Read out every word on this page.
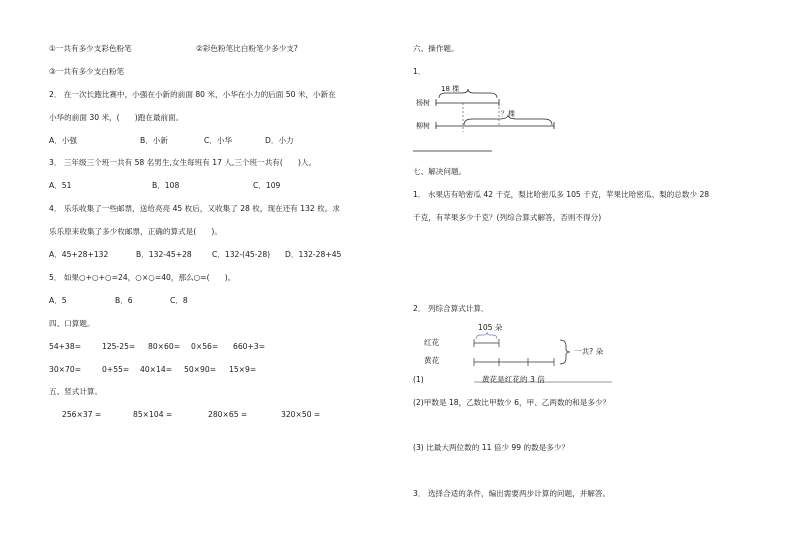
①一共有多少支彩色粉笔	②彩色粉笔比白粉笔少多少支?
③一共有多少支白粉笔
2． 在一次长跑比赛中，小强在小新的前面 80 米，小华在小力的后面 50 米，小新在
小华的前面 30 米，(　　)跑在最前面。
A．小强	B．小新	C．小华	D．小力
3． 三年级三个班一共有 58 名男生,女生每班有 17 人,三个班一共有(　　)人。
A．51	B．108	C．109
4． 乐乐收集了一些邮票，送给亮亮 45 枚后，又收集了 28 枚，现在还有 132 枚。求
乐乐原来收集了多少枚邮票，正确的算式是(　　)。
A．45+28+132	B．132-45+28	C．132-(45-28) D．132-28+45
5． 如果○+○+○=24，○×○=40，那么○=(　　)。
A．5	B．6	C．8
四、口算题。
54+38=	125-25= 80×60= 0×56= 660+3=
30×70=	0+55= 40×14= 50×90= 15×9=
五、竖式计算。
256×37 =	85×104 =	280×65 =	320×50 =
六、操作题。
1．
18 棵
杨树
柳树
？棵
七、解决问题。
1． 水果店有哈密瓜 42 千克，梨比哈密瓜多 105 千克，苹果比哈密瓜、梨的总数少 28
千克，有苹果多少千克？(列综合算式解答，否则不得分)
2． 列综合算式计算．
105 朵
红花
黄花
一共? 朵
(1)	黄花是红花的 3 倍
(2)甲数是 18，乙数比甲数少 6，甲、乙两数的和是多少？
(3) 比最大两位数的 11 倍少 99 的数是多少？
3． 选择合适的条件，编出需要两步计算的问题，并解答。
